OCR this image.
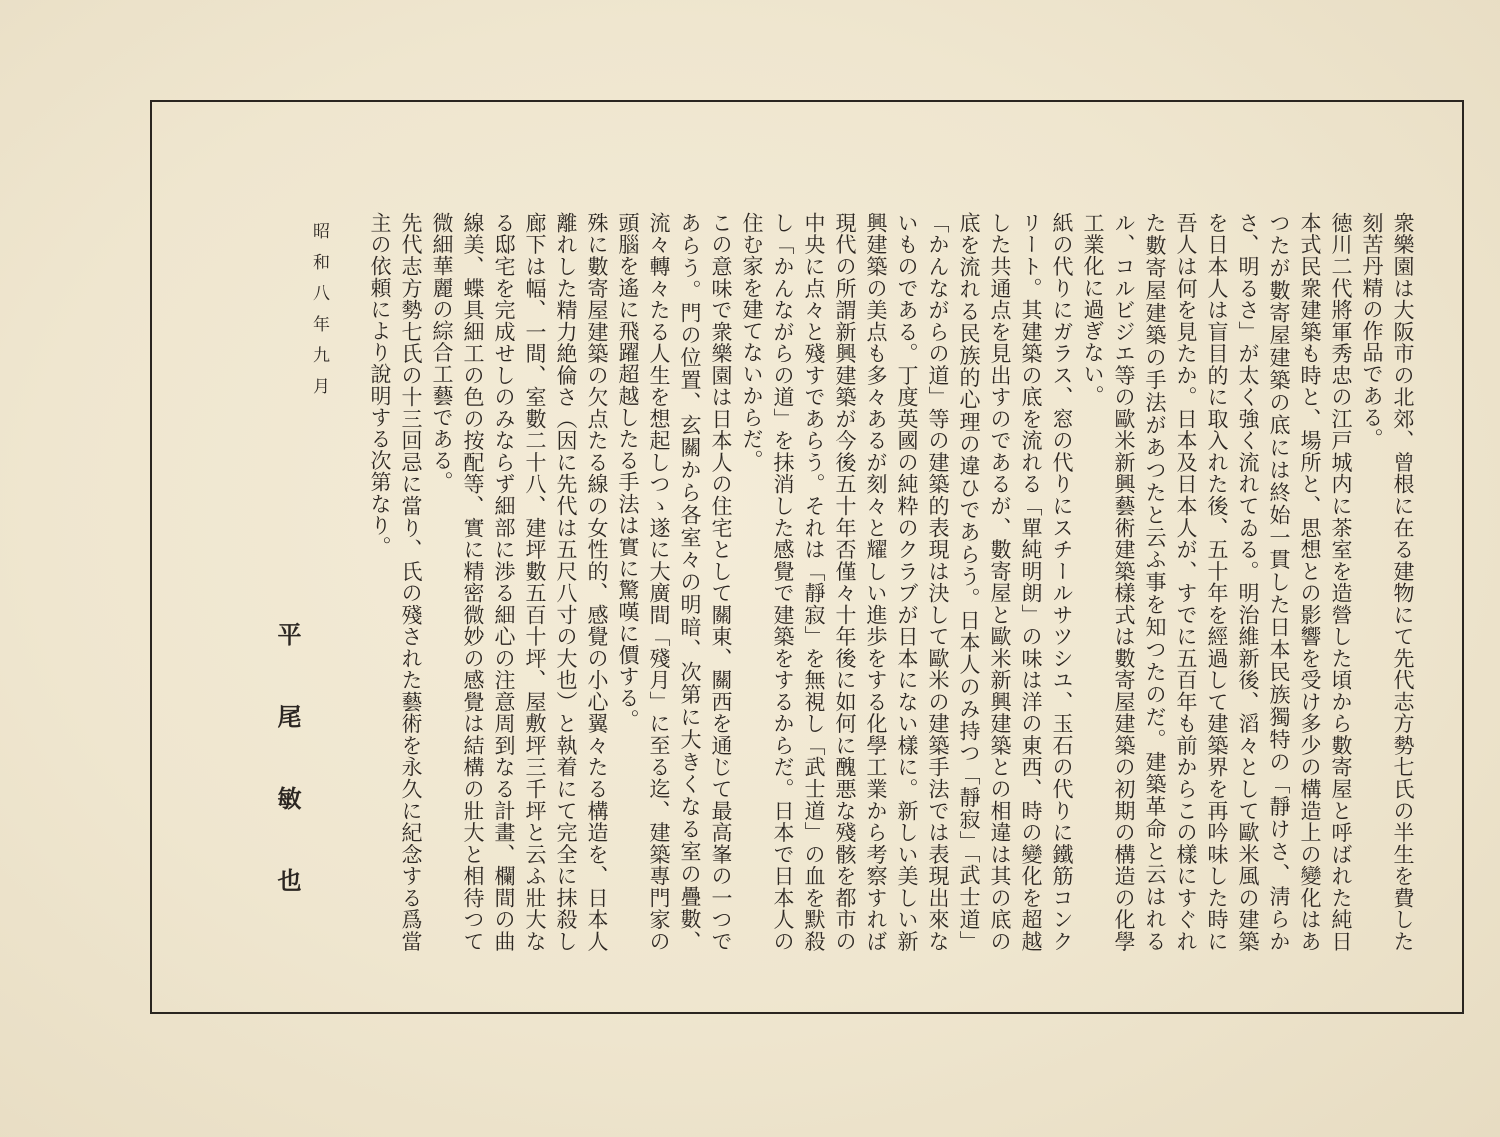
衆樂園は大阪市の北郊、曾根に在る建物にて先代志方勢七氏の半生を費した刻苦丹精の作品である。

徳川二代將軍秀忠の江戸城内に茶室を造營した頃から數寄屋と呼ばれた純日本式民衆建築も時と、場所と、思想との影響を受け多少の構造上の變化はあつたが數寄屋建築の底には終始一貫した日本民族獨特の「靜けさ、淸らかさ、明るさ」が太く強く流れてゐる。明治維新後、滔々として歐米風の建築を日本人は盲目的に取入れた後、五十年を經過して建築界を再吟味した時に吾人は何を見たか。日本及日本人が、すでに五百年も前からこの樣にすぐれた數寄屋建築の手法があつたと云ふ事を知つたのだ。建築革命と云はれるル、コルビジエ等の歐米新興藝術建築樣式は數寄屋建築の初期の構造の化學工業化に過ぎない。

紙の代りにガラス、窓の代りにスチールサツシユ、玉石の代りに鐵筋コンクリート。其建築の底を流れる「單純明朗」の味は洋の東西、時の變化を超越した共通点を見出すのであるが、數寄屋と歐米新興建築との相違は其の底の底を流れる民族的心理の違ひであらう。日本人のみ持つ「靜寂」「武士道」「かんながらの道」等の建築的表現は決して歐米の建築手法では表現出來ないものである。丁度英國の純粋のクラブが日本にない樣に。新しい美しい新興建築の美点も多々あるが刻々と耀しい進歩をする化學工業から考察すれば現代の所謂新興建築が今後五十年否僅々十年後に如何に醜悪な殘骸を都市の中央に点々と殘すであらう。それは「靜寂」を無視し「武士道」の血を默殺し「かんながらの道」を抹消した感覺で建築をするからだ。日本で日本人の住む家を建てないからだ。

この意味で衆樂園は日本人の住宅として關東、關西を通じて最高峯の一つであらう。門の位置、玄關から各室々の明暗、次第に大きくなる室の疊數、流々轉々たる人生を想起しつゝ遂に大廣間「殘月」に至る迄、建築專門家の頭腦を遙に飛躍超越したる手法は實に驚嘆に價する。

殊に數寄屋建築の欠点たる線の女性的、感覺の小心翼々たる構造を、日本人離れした精力絶倫さ（因に先代は五尺八寸の大也）と執着にて完全に抹殺し廊下は幅、一間、室數二十八、建坪數五百十坪、屋敷坪三千坪と云ふ壯大なる邸宅を完成せしのみならず細部に渉る細心の注意周到なる計畫、欄間の曲線美、蝶具細工の色の按配等、實に精密微妙の感覺は結構の壯大と相待つて微細華麗の綜合工藝である。

先代志方勢七氏の十三回忌に當り、氏の殘された藝術を永久に紀念する爲當主の依頼により說明する次第なり。

昭和八年九月
平尾敏也
